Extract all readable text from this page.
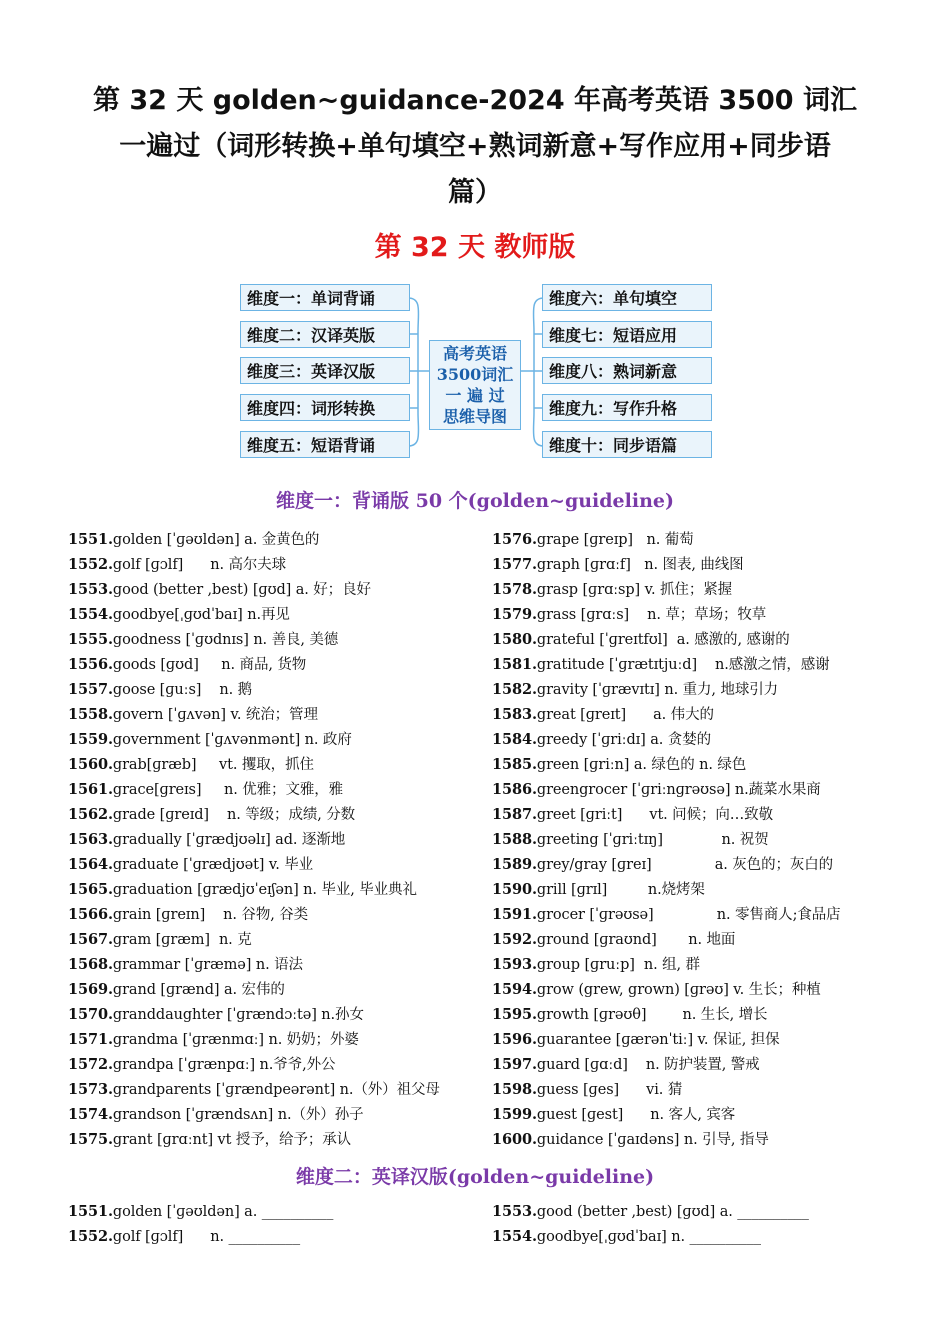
第 32 天 golden~guidance-2024 年高考英语 3500 词汇
一遍过（词形转换+单句填空+熟词新意+写作应用+同步语
篇）
第 32 天 教师版
维度一：单词背诵
维度二：汉译英版
维度三：英译汉版
维度四：词形转换
维度五：短语背诵
高考英语
3500词汇
一 遍 过
思维导图
维度六：单句填空
维度七：短语应用
维度八：熟词新意
维度九：写作升格
维度十：同步语篇
维度一：背诵版 50 个(golden~guideline)
1551.golden [ˈɡəʊldən] a. 金黄色的
1552.golf [ɡɔlf]      n. 高尔夫球
1553.good (better ,best) [ɡʊd] a. 好；良好
1554.goodbye[ˌɡʊdˈbaɪ] n.再见
1555.goodness [ˈɡʊdnɪs] n. 善良, 美德
1556.goods [ɡʊd]     n. 商品, 货物
1557.goose [ɡuːs]    n. 鹅
1558.govern [ˈɡʌvən] v. 统治；管理
1559.government [ˈɡʌvənmənt] n. 政府
1560.grab[ɡræb]     vt. 攫取，抓住
1561.grace[ɡreɪs]     n. 优雅；文雅，雅
1562.grade [ɡreɪd]    n. 等级；成绩, 分数
1563.gradually [ˈɡrædjʊəlɪ] ad. 逐渐地
1564.graduate [ˈɡrædjʊət] v. 毕业
1565.graduation [ɡrædjʊˈeɪʃən] n. 毕业, 毕业典礼
1566.grain [ɡreɪn]    n. 谷物, 谷类
1567.gram [ɡræm]  n. 克
1568.grammar [ˈɡræmə] n. 语法
1569.grand [ɡrænd] a. 宏伟的
1570.granddaughter [ˈɡrændɔːtə] n.孙女
1571.grandma [ˈɡrænmɑː] n. 奶奶；外婆
1572.grandpa [ˈɡrænpɑː] n.爷爷,外公
1573.grandparents [ˈɡrændpeərənt] n.（外）祖父母
1574.grandson [ˈɡrændsʌn] n.（外）孙子
1575.grant [ɡrɑːnt] vt 授予，给予；承认
1576.grape [ɡreɪp]   n. 葡萄
1577.graph [ɡrɑːf]   n. 图表, 曲线图
1578.grasp [ɡrɑːsp] v. 抓住；紧握
1579.grass [ɡrɑːs]    n. 草；草场；牧草
1580.grateful [ˈɡreɪtfʊl]  a. 感激的, 感谢的
1581.gratitude [ˈɡrætɪtjuːd]    n.感激之情，感谢
1582.gravity [ˈɡrævɪtɪ] n. 重力, 地球引力
1583.great [ɡreɪt]      a. 伟大的
1584.greedy [ˈɡriːdɪ] a. 贪婪的
1585.green [ɡriːn] a. 绿色的 n. 绿色
1586.greengrocer [ˈɡriːnɡrəʊsə] n.蔬菜水果商
1587.greet [ɡriːt]      vt. 问候；向…致敬
1588.greeting [ˈɡriːtɪŋ]             n. 祝贺
1589.grey/gray [ɡreɪ]              a. 灰色的；灰白的
1590.grill [ɡrɪl]         n.烧烤架
1591.grocer [ˈɡrəʊsə]              n. 零售商人;食品店
1592.ground [ɡraʊnd]       n. 地面
1593.group [ɡruːp]  n. 组, 群
1594.grow (grew, grown) [ɡrəʊ] v. 生长；种植
1595.growth [ɡrəʊθ]        n. 生长, 增长
1596.guarantee [ɡærənˈtiː] v. 保证, 担保
1597.guard [ɡɑːd]    n. 防护装置, 警戒
1598.guess [ɡes]      vi. 猜
1599.guest [ɡest]      n. 客人, 宾客
1600.guidance [ˈɡaɪdəns] n. 引导, 指导
维度二：英译汉版(golden~guideline)
1551.golden [ˈɡəʊldən] a. __________
1552.golf [ɡɔlf]      n. __________
1553.good (better ,best) [ɡʊd] a. __________
1554.goodbye[ˌɡʊdˈbaɪ] n. __________
